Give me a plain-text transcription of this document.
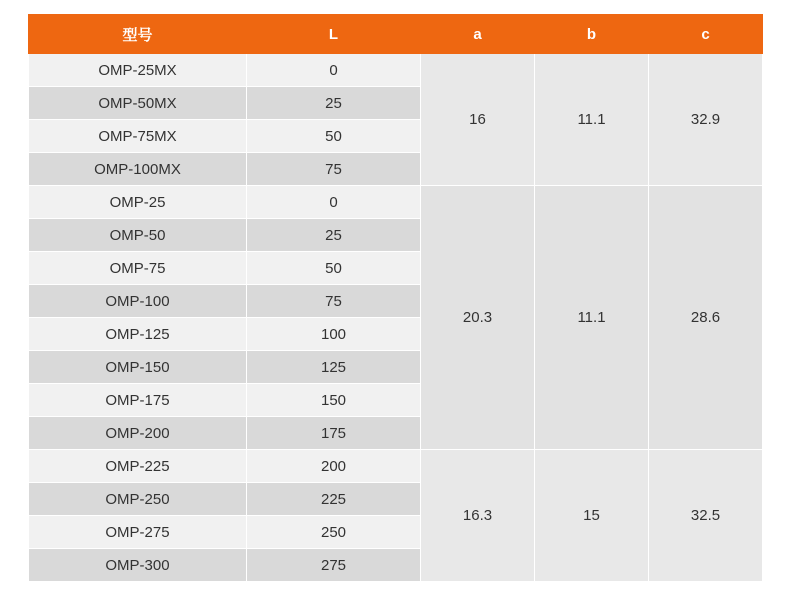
型号	L	a	b	c
OMP-25MX	0	16	11.1	32.9
OMP-50MX	25			
OMP-75MX	50			
OMP-100MX	75			
OMP-25	0	20.3	11.1	28.6
OMP-50	25			
OMP-75	50			
OMP-100	75			
OMP-125	100			
OMP-150	125			
OMP-175	150			
OMP-200	175			
OMP-225	200	16.3	15	32.5
OMP-250	225			
OMP-275	250			
OMP-300	275			
